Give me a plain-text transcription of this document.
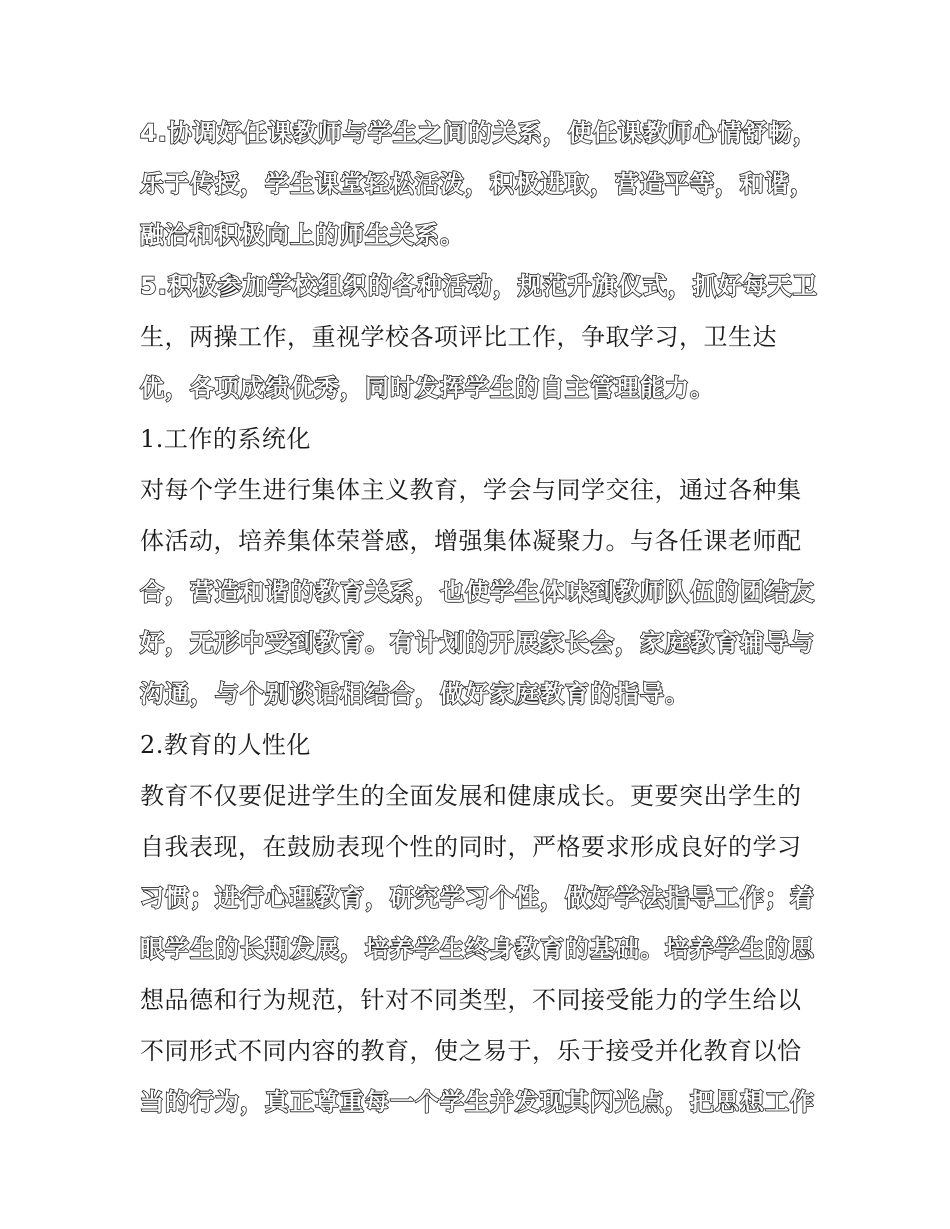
4.协调好任课教师与学生之间的关系，使任课教师心情舒畅，
乐于传授，学生课堂轻松活泼，积极进取，营造平等，和谐，
融洽和积极向上的师生关系。
5.积极参加学校组织的各种活动，规范升旗仪式，抓好每天卫
生，两操工作，重视学校各项评比工作，争取学习，卫生达
优，各项成绩优秀，同时发挥学生的自主管理能力。
1.工作的系统化
对每个学生进行集体主义教育，学会与同学交往，通过各种集
体活动，培养集体荣誉感，增强集体凝聚力。与各任课老师配
合，营造和谐的教育关系，也使学生体味到教师队伍的团结友
好，无形中受到教育。有计划的开展家长会，家庭教育辅导与
沟通，与个别谈话相结合，做好家庭教育的指导。
2.教育的人性化
教育不仅要促进学生的全面发展和健康成长。更要突出学生的
自我表现，在鼓励表现个性的同时，严格要求形成良好的学习
习惯；进行心理教育，研究学习个性，做好学法指导工作；着
眼学生的长期发展，培养学生终身教育的基础。培养学生的思
想品德和行为规范，针对不同类型，不同接受能力的学生给以
不同形式不同内容的教育，使之易于，乐于接受并化教育以恰
当的行为，真正尊重每一个学生并发现其闪光点，把思想工作
